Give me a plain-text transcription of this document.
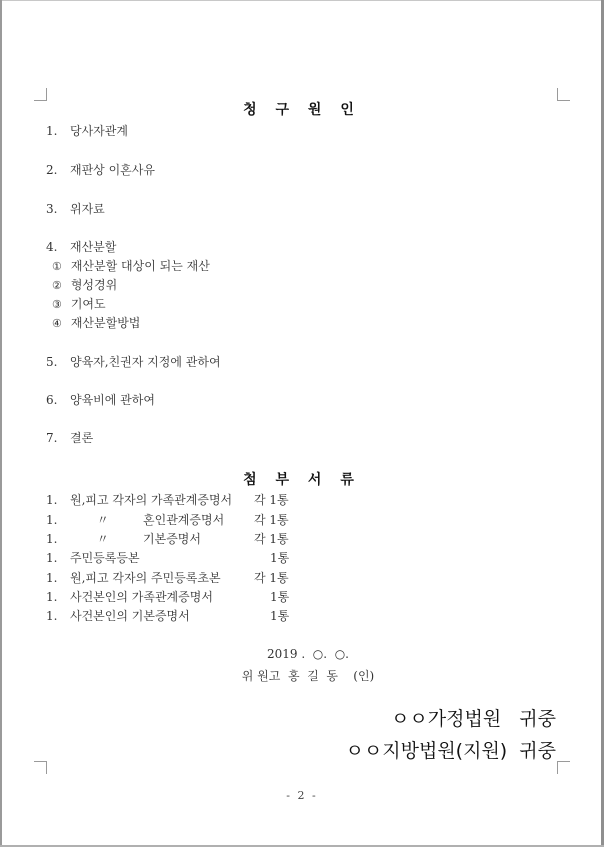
청 구 원 인
1. 당사자관계
2. 재판상 이혼사유
3. 위자료
4. 재산분할
① 재산분할 대상이 되는 재산
② 형성경위
③ 기여도
④ 재산분할방법
5. 양육자,친권자 지정에 관하여
6. 양육비에 관하여
7. 결론
첨 부 서 류
1. 원,피고 각자의 가족관계증명서 각 1통
1.       〃         혼인관계증명서 각 1통
1.       〃         기본증명서	각 1통
1. 주민등록등본	1통
1. 원,피고 각자의 주민등록초본	각 1통
1. 사건본인의 가족관계증명서	1통
1. 사건본인의 기본증명서	1통
2019 .  ○.  ○.
위 원고  홍  길  동    (인)
ㅇㅇ가정법원   귀중
ㅇㅇ지방법원(지원)  귀중
- 2 -
